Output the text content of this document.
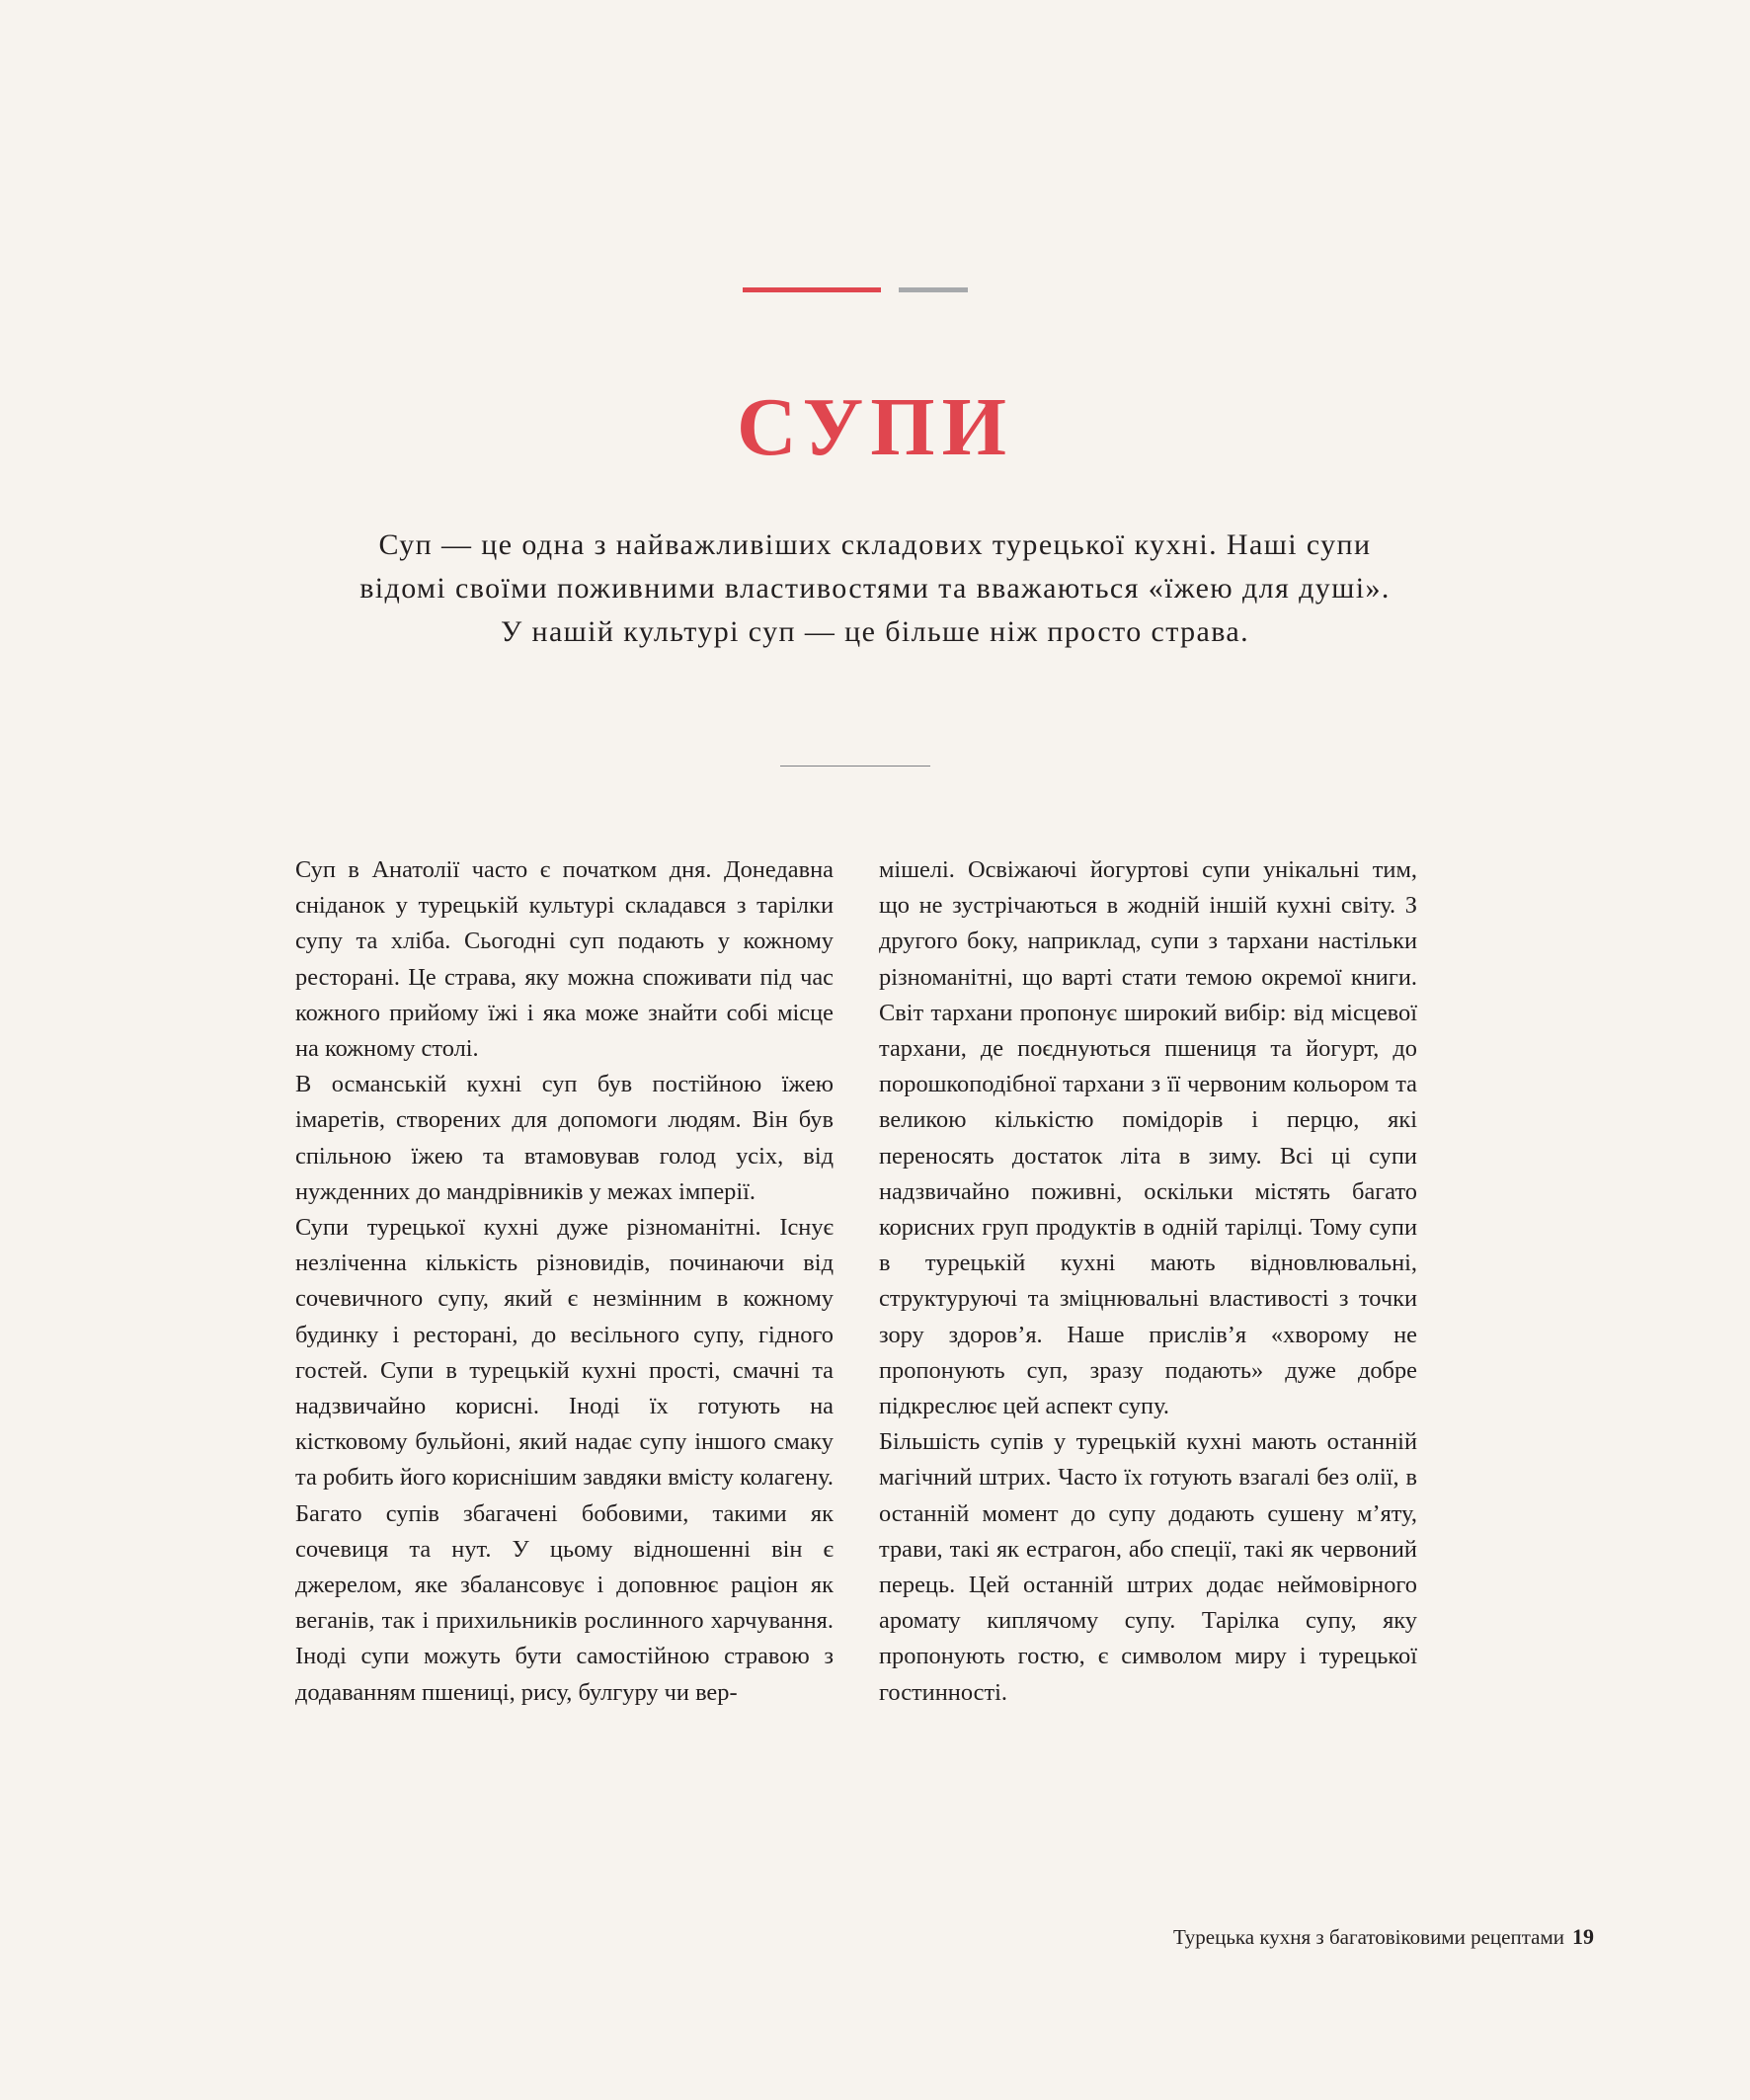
СУПИ

Суп — це одна з найважливіших складових турецької кухні. Наші супи
відомі своїми поживними властивостями та вважаються «їжею для душі».
У нашій культурі суп — це більше ніж просто страва.

Суп в Анатолії часто є початком дня. Донедавна сніданок у турецькій культурі складався з тарілки супу та хліба. Сьогодні суп подають у кожному ресторані. Це страва, яку можна споживати під час кожного прийому їжі і яка може знайти собі місце на кожному столі.

В османській кухні суп був постійною їжею імаретів, створених для допомоги людям. Він був спільною їжею та втамовував голод усіх, від нужденних до мандрівників у межах імперії.

Супи турецької кухні дуже різноманітні. Існує незліченна кількість різновидів, починаючи від сочевичного супу, який є незмінним в кожному будинку і ресторані, до весільного супу, гідного гостей. Супи в турецькій кухні прості, смачні та надзвичайно корисні. Іноді їх готують на кістковому бульйоні, який надає супу іншого смаку та робить його кориснішим завдяки вмісту колагену. Багато супів збагачені бобовими, такими як сочевиця та нут. У цьому відношенні він є джерелом, яке збалансовує і доповнює раціон як веганів, так і прихильників рослинного харчування. Іноді супи можуть бути самостійною стравою з додаванням пшениці, рису, булгуру чи вер-

мішелі. Освіжаючі йогуртові супи унікальні тим, що не зустрічаються в жодній іншій кухні світу. З другого боку, наприклад, супи з тархани настільки різноманітні, що варті стати темою окремої книги. Світ тархани пропонує широкий вибір: від місцевої тархани, де поєднуються пшениця та йогурт, до порошкоподібної тархани з її червоним кольором та великою кількістю помідорів і перцю, які переносять достаток літа в зиму. Всі ці супи надзвичайно поживні, оскільки містять багато корисних груп продуктів в одній тарілці. Тому супи в турецькій кухні мають відновлювальні, структуруючі та зміцнювальні властивості з точки зору здоров’я. Наше прислів’я «хворому не пропонують суп, зразу подають» дуже добре підкреслює цей аспект супу.

Більшість супів у турецькій кухні мають останній магічний штрих. Часто їх готують взагалі без олії, в останній момент до супу додають сушену м’яту, трави, такі як естрагон, або спеції, такі як червоний перець. Цей останній штрих додає неймовірного аромату киплячому супу. Тарілка супу, яку пропонують гостю, є символом миру і турецької гостинності.

Турецька кухня з багатовіковими рецептами 19
